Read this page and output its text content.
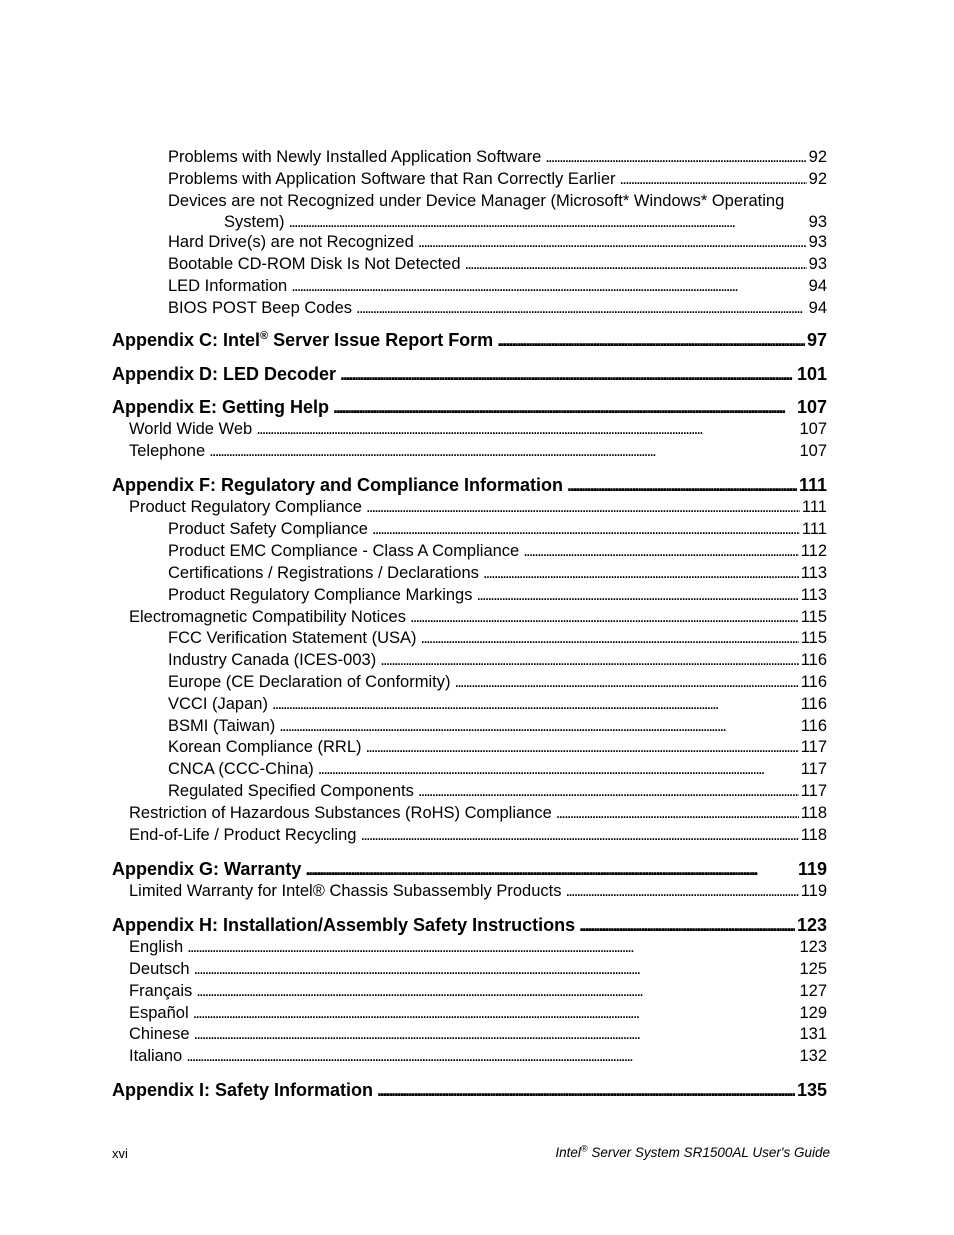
Problems with Newly Installed Application Software . . .	92
Problems with Application Software that Ran Correctly Earlier . . .	92
Devices are not Recognized under Device Manager (Microsoft* Windows* Operating
System) . . .	93
Hard Drive(s) are not Recognized . . .	93
Bootable CD-ROM Disk Is Not Detected . . .	93
LED Information . . .	94
BIOS POST Beep Codes . . .	94
Appendix C: Intel® Server Issue Report Form . . .	97
Appendix D: LED Decoder . . .	101
Appendix E: Getting Help . . .	107
World Wide Web . . .	107
Telephone . . .	107
Appendix F: Regulatory and Compliance Information . . .	111
Product Regulatory Compliance . . .	111
Product Safety Compliance . . .	111
Product EMC Compliance - Class A Compliance . . .	112
Certifications / Registrations / Declarations . . .	113
Product Regulatory Compliance Markings . . .	113
Electromagnetic Compatibility Notices . . .	115
FCC Verification Statement (USA) . . .	115
Industry Canada (ICES-003) . . .	116
Europe (CE Declaration of Conformity) . . .	116
VCCI (Japan) . . .	116
BSMI (Taiwan) . . .	116
Korean Compliance (RRL) . . .	117
CNCA (CCC-China) . . .	117
Regulated Specified Components . . .	117
Restriction of Hazardous Substances (RoHS) Compliance . . .	118
End-of-Life / Product Recycling . . .	118
Appendix G: Warranty . . .	119
Limited Warranty for Intel® Chassis Subassembly Products . . .	119
Appendix H: Installation/Assembly Safety Instructions . . .	123
English . . .	123
Deutsch . . .	125
Français . . .	127
Español . . .	129
Chinese . . .	131
Italiano . . .	132
Appendix I: Safety Information . . .	135
xvi	Intel® Server System SR1500AL User's Guide
